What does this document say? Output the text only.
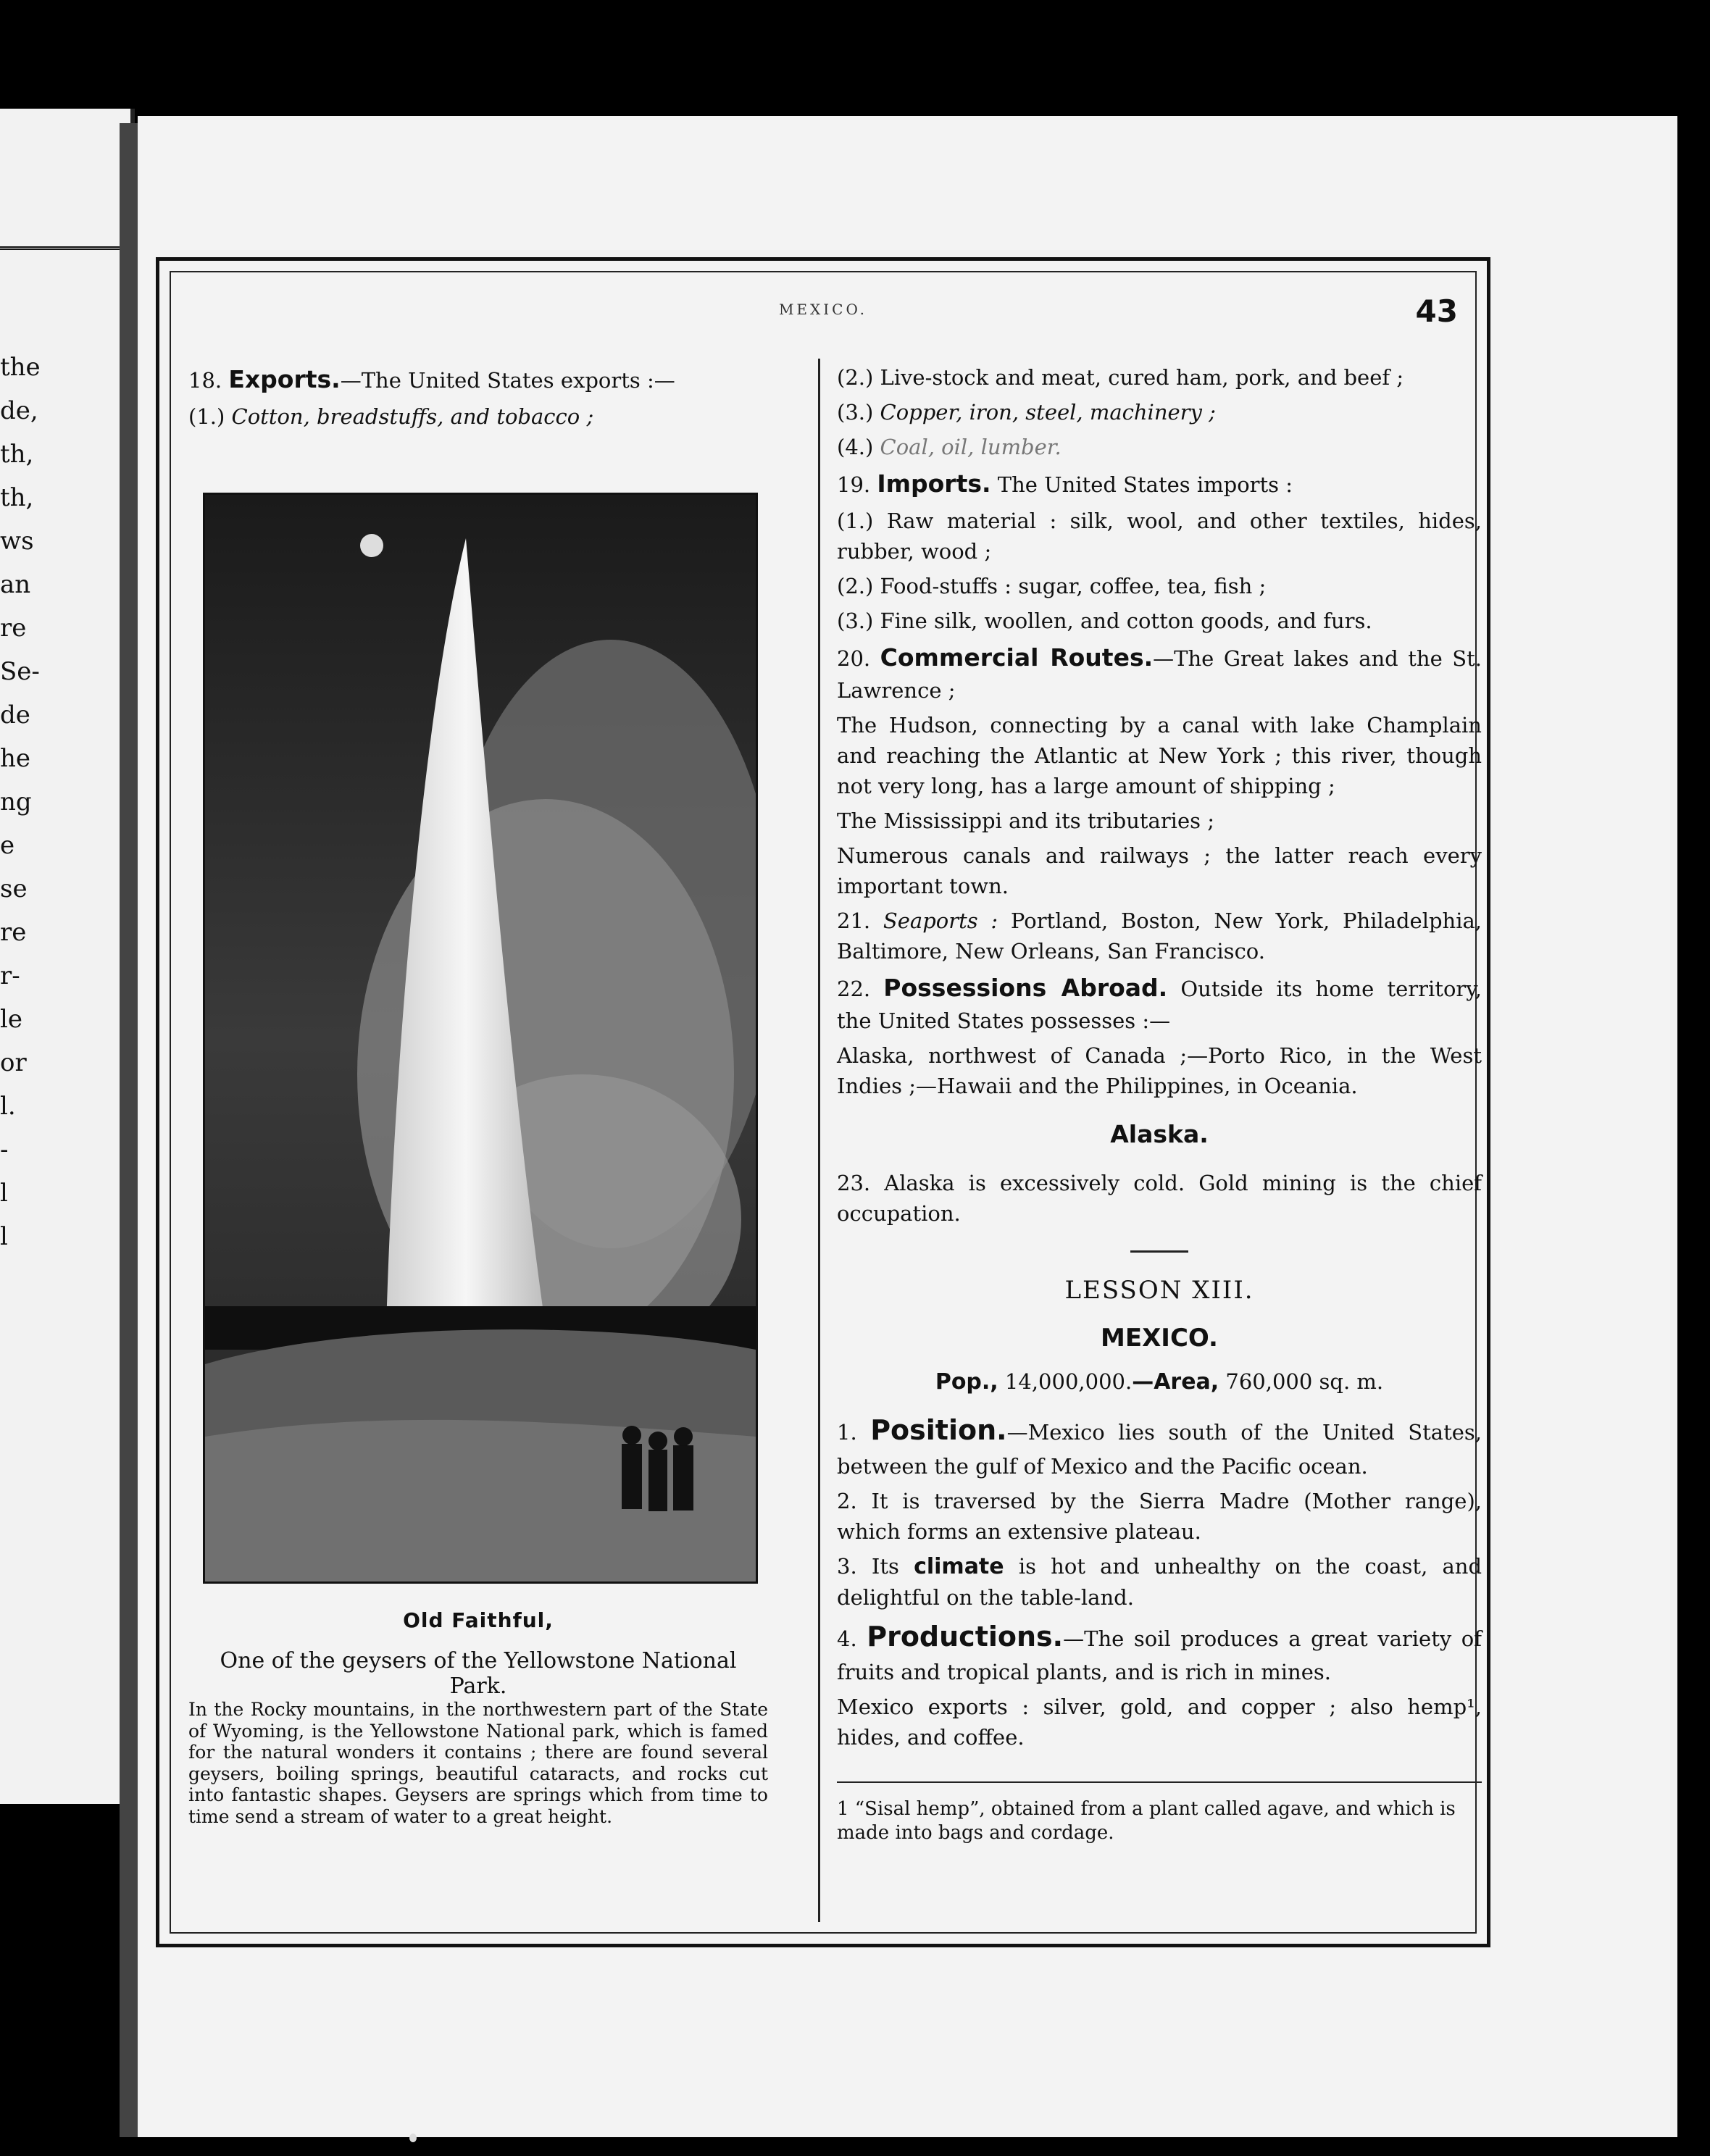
the
de,
th,
th,
ws
an
re
Se-
de
he
ng
e
se
re
r-
le
or
l.
-
l
l
MEXICO.	43

18. Exports.—The United States exports :—

(1.) Cotton, breadstuffs, and tobacco ;

Old Faithful,
One of the geysers of the Yellowstone National Park.
In the Rocky mountains, in the northwestern part of the State of Wyoming, is the Yellowstone National park, which is famed for the natural wonders it contains ; there are found several geysers, boiling springs, beautiful cataracts, and rocks cut into fantastic shapes. Geysers are springs which from time to time send a stream of water to a great height.

(2.) Live-stock and meat, cured ham, pork, and beef ;

(3.) Copper, iron, steel, machinery ;

(4.) Coal, oil, lumber.

19. Imports. The United States imports :

(1.) Raw material : silk, wool, and other textiles, hides, rubber, wood ;

(2.) Food-stuffs : sugar, coffee, tea, fish ;

(3.) Fine silk, woollen, and cotton goods, and furs.

20. Commercial Routes.—The Great lakes and the St. Lawrence ;

The Hudson, connecting by a canal with lake Champlain and reaching the Atlantic at New York ; this river, though not very long, has a large amount of shipping ;

The Mississippi and its tributaries ;

Numerous canals and railways ; the latter reach every important town.

21. Seaports : Portland, Boston, New York, Philadelphia, Baltimore, New Orleans, San Francisco.

22. Possessions Abroad. Outside its home territory, the United States possesses :—

Alaska, northwest of Canada ;—Porto Rico, in the West Indies ;—Hawaii and the Philippines, in Oceania.

Alaska.

23. Alaska is excessively cold. Gold mining is the chief occupation.

LESSON XIII.

MEXICO.

Pop., 14,000,000.—Area, 760,000 sq. m.

1. Position.—Mexico lies south of the United States, between the gulf of Mexico and the Pacific ocean.

2. It is traversed by the Sierra Madre (Mother range), which forms an extensive plateau.

3. Its climate is hot and unhealthy on the coast, and delightful on the table-land.

4. Productions.—The soil produces a great variety of fruits and tropical plants, and is rich in mines.

Mexico exports : silver, gold, and copper ; also hemp¹, hides, and coffee.

1 “Sisal hemp”, obtained from a plant called agave, and which is made into bags and cordage.
